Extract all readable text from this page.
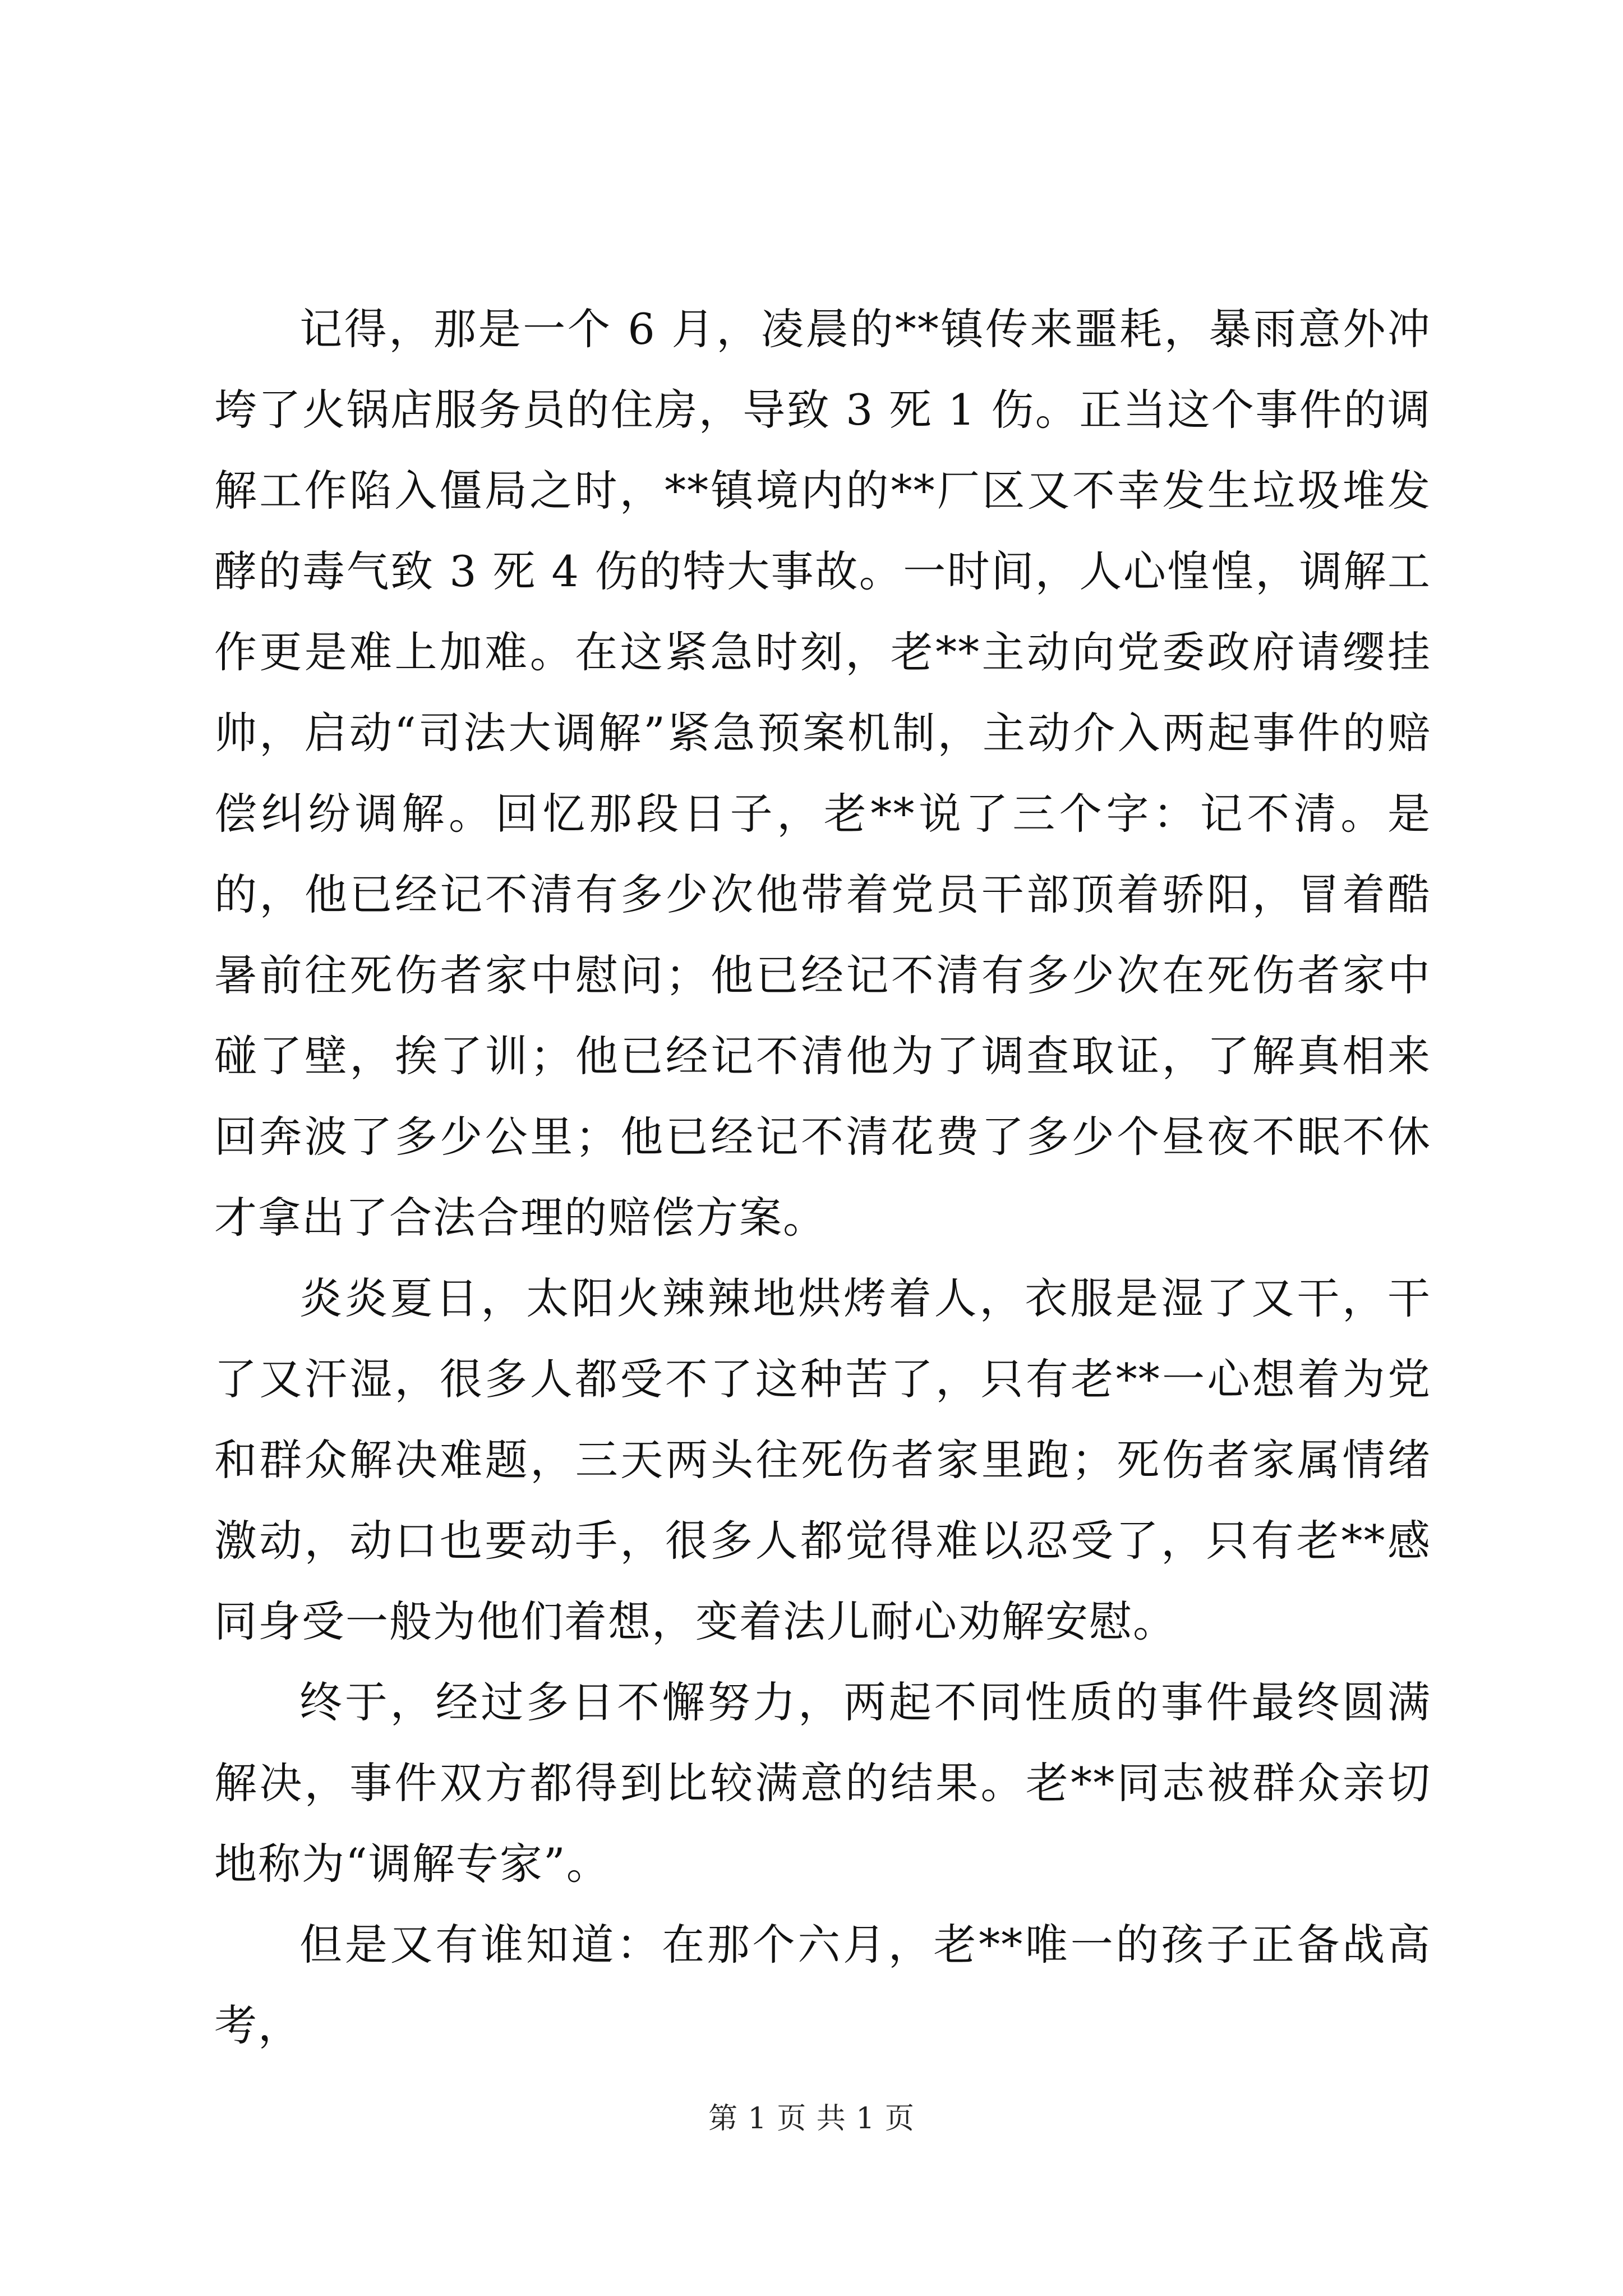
记得，那是一个 6 月，凌晨的**镇传来噩耗，暴雨意外冲垮了火锅店服务员的住房，导致 3 死 1 伤。正当这个事件的调解工作陷入僵局之时，**镇境内的**厂区又不幸发生垃圾堆发酵的毒气致 3 死 4 伤的特大事故。一时间，人心惶惶，调解工作更是难上加难。在这紧急时刻，老**主动向党委政府请缨挂帅，启动“司法大调解”紧急预案机制，主动介入两起事件的赔偿纠纷调解。回忆那段日子，老**说了三个字：记不清。是的，他已经记不清有多少次他带着党员干部顶着骄阳，冒着酷暑前往死伤者家中慰问；他已经记不清有多少次在死伤者家中碰了壁，挨了训；他已经记不清他为了调查取证，了解真相来回奔波了多少公里；他已经记不清花费了多少个昼夜不眠不休才拿出了合法合理的赔偿方案。

炎炎夏日，太阳火辣辣地烘烤着人，衣服是湿了又干，干了又汗湿，很多人都受不了这种苦了，只有老**一心想着为党和群众解决难题，三天两头往死伤者家里跑；死伤者家属情绪激动，动口也要动手，很多人都觉得难以忍受了，只有老**感同身受一般为他们着想，变着法儿耐心劝解安慰。

终于，经过多日不懈努力，两起不同性质的事件最终圆满解决，事件双方都得到比较满意的结果。老**同志被群众亲切地称为“调解专家”。

但是又有谁知道：在那个六月，老**唯一的孩子正备战高考，

第 1 页 共 1 页
